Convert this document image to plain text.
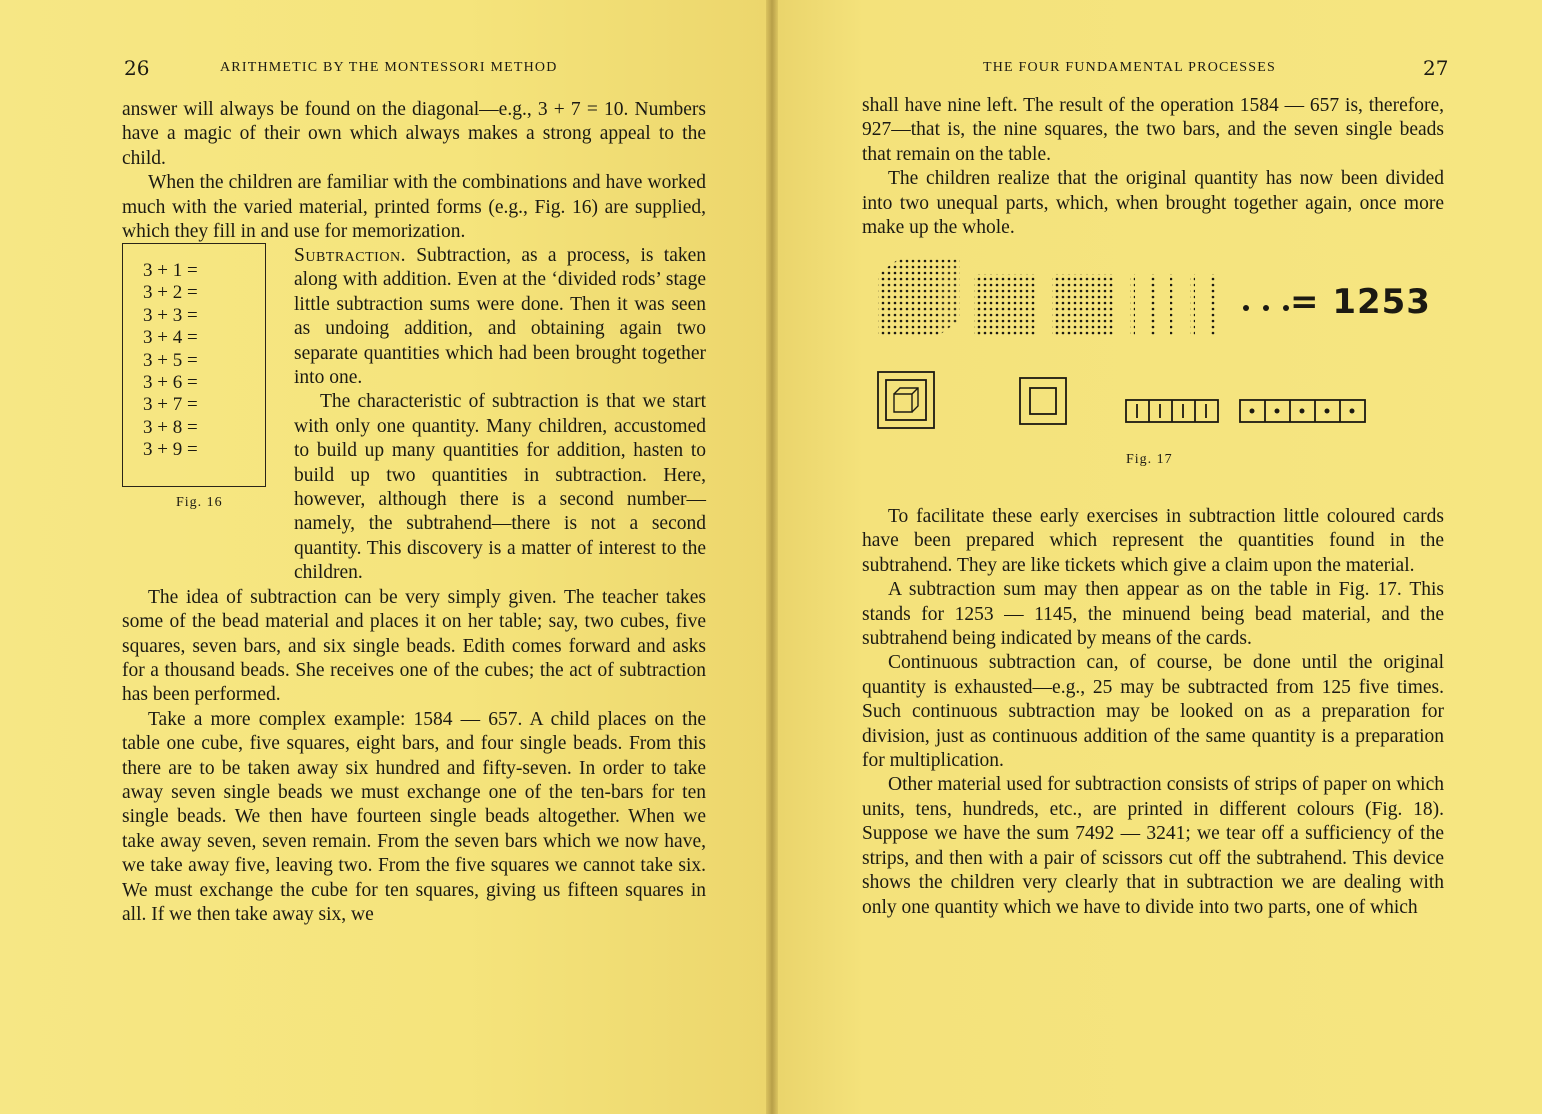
26	ARITHMETIC BY THE MONTESSORI METHOD

answer will always be found on the diagonal—e.g., 3 + 7 = 10. Numbers have a magic of their own which always makes a strong appeal to the child.

When the children are familiar with the combinations and have worked much with the varied material, printed forms (e.g., Fig. 16) are supplied, which they fill in and use for memorization.

THE FOUR FUNDAMENTAL PROCESSES	27

Subtraction. Subtraction, as a process, is taken along with addition. Even at the ‘divided rods’ stage little subtraction sums were done. Then it was seen as undoing addition, and obtaining again two separate quantities which had been brought together into one.

The characteristic of subtraction is that we start with only one quantity. Many children, accustomed to build up many quantities for addition, hasten to build up two quantities in subtraction. Here, however, although there is a second number—namely, the subtrahend—there is not a second quantity. This discovery is a matter of interest to the children.

The idea of subtraction can be very simply given. The teacher takes some of the bead material and places it on her table; say, two cubes, five squares, seven bars, and six single beads. Edith comes forward and asks for a thousand beads. She receives one of the cubes; the act of subtraction has been performed.

Take a more complex example: 1584 — 657. A child places on the table one cube, five squares, eight bars, and four single beads. From this there are to be taken away six hundred and fifty-seven. In order to take away seven single beads we must exchange one of the ten-bars for ten single beads. We then have fourteen single beads altogether. When we take away seven, seven remain. From the seven bars which we now have, we take away five, leaving two. From the five squares we cannot take six. We must exchange the cube for ten squares, giving us fifteen squares in all. If we then take away six, we

3 + 1 =
3 + 2 =
3 + 3 =
3 + 4 =
3 + 5 =
3 + 6 =
3 + 7 =
3 + 8 =
3 + 9 =
Fig. 16

shall have nine left. The result of the operation 1584 — 657 is, therefore, 927—that is, the nine squares, the two bars, and the seven single beads that remain on the table.

The children realize that the original quantity has now been divided into two unequal parts, which, when brought together again, once more make up the whole.

= 1253
Fig. 17

To facilitate these early exercises in subtraction little coloured cards have been prepared which represent the quantities found in the subtrahend. They are like tickets which give a claim upon the material.

A subtraction sum may then appear as on the table in Fig. 17. This stands for 1253 — 1145, the minuend being bead material, and the subtrahend being indicated by means of the cards.

Continuous subtraction can, of course, be done until the original quantity is exhausted—e.g., 25 may be subtracted from 125 five times. Such continuous subtraction may be looked on as a preparation for division, just as continuous addition of the same quantity is a preparation for multiplication.

Other material used for subtraction consists of strips of paper on which units, tens, hundreds, etc., are printed in different colours (Fig. 18). Suppose we have the sum 7492 — 3241; we tear off a sufficiency of the strips, and then with a pair of scissors cut off the subtrahend. This device shows the children very clearly that in subtraction we are dealing with only one quantity which we have to divide into two parts, one of which
